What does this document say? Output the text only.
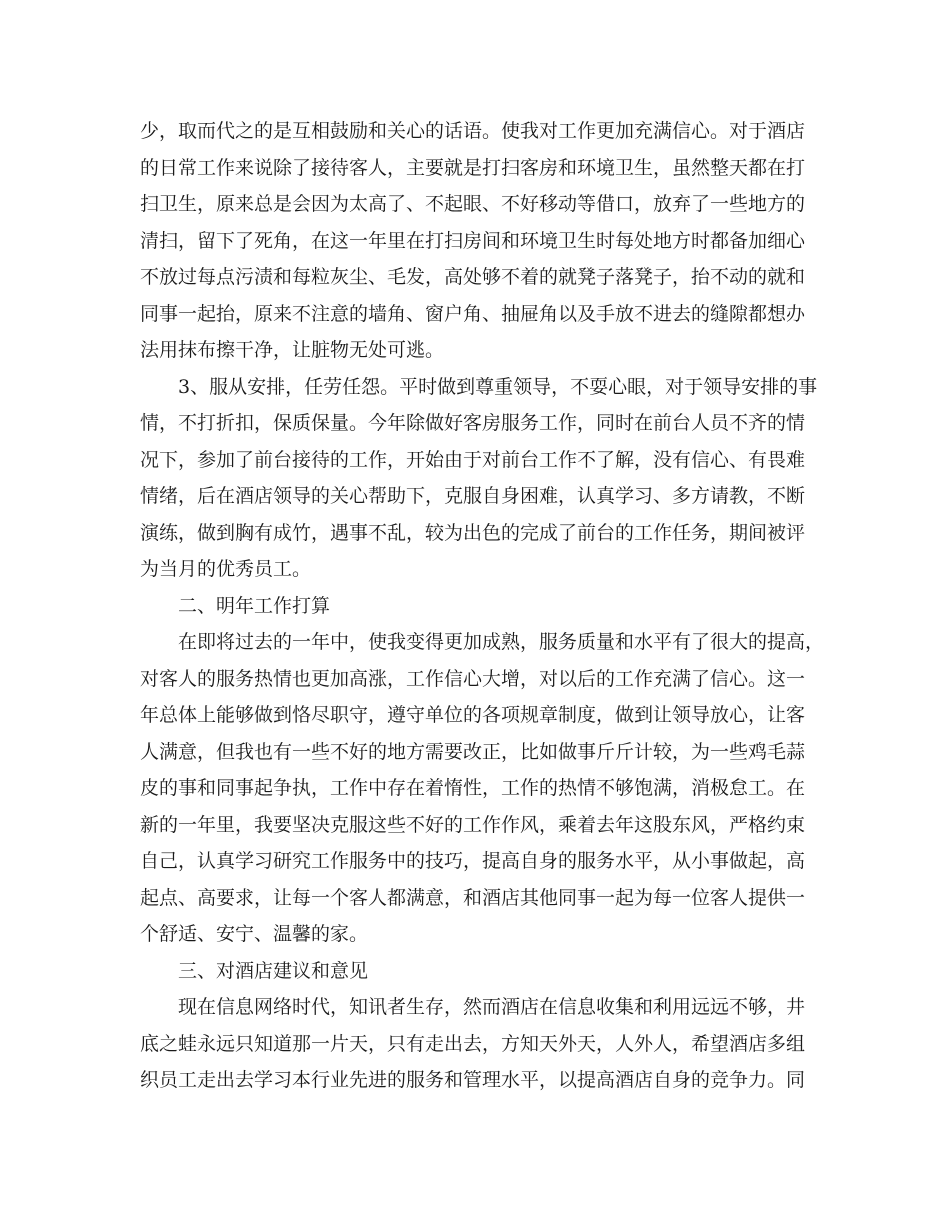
少，取而代之的是互相鼓励和关心的话语。使我对工作更加充满信心。对于酒店
的日常工作来说除了接待客人，主要就是打扫客房和环境卫生，虽然整天都在打
扫卫生，原来总是会因为太高了、不起眼、不好移动等借口，放弃了一些地方的
清扫，留下了死角，在这一年里在打扫房间和环境卫生时每处地方时都备加细心
不放过每点污渍和每粒灰尘、毛发，高处够不着的就凳子落凳子，抬不动的就和
同事一起抬，原来不注意的墙角、窗户角、抽屉角以及手放不进去的缝隙都想办
法用抹布擦干净，让脏物无处可逃。
3、服从安排，任劳任怨。平时做到尊重领导，不耍心眼，对于领导安排的事
情，不打折扣，保质保量。今年除做好客房服务工作，同时在前台人员不齐的情
况下，参加了前台接待的工作，开始由于对前台工作不了解，没有信心、有畏难
情绪，后在酒店领导的关心帮助下，克服自身困难，认真学习、多方请教，不断
演练，做到胸有成竹，遇事不乱，较为出色的完成了前台的工作任务，期间被评
为当月的优秀员工。
二、明年工作打算
在即将过去的一年中，使我变得更加成熟，服务质量和水平有了很大的提高，
对客人的服务热情也更加高涨，工作信心大增，对以后的工作充满了信心。这一
年总体上能够做到恪尽职守，遵守单位的各项规章制度，做到让领导放心，让客
人满意，但我也有一些不好的地方需要改正，比如做事斤斤计较，为一些鸡毛蒜
皮的事和同事起争执，工作中存在着惰性，工作的热情不够饱满，消极怠工。在
新的一年里，我要坚决克服这些不好的工作作风，乘着去年这股东风，严格约束
自己，认真学习研究工作服务中的技巧，提高自身的服务水平，从小事做起，高
起点、高要求，让每一个客人都满意，和酒店其他同事一起为每一位客人提供一
个舒适、安宁、温馨的家。
三、对酒店建议和意见
现在信息网络时代，知讯者生存，然而酒店在信息收集和利用远远不够，井
底之蛙永远只知道那一片天，只有走出去，方知天外天，人外人，希望酒店多组
织员工走出去学习本行业先进的服务和管理水平，以提高酒店自身的竞争力。同
